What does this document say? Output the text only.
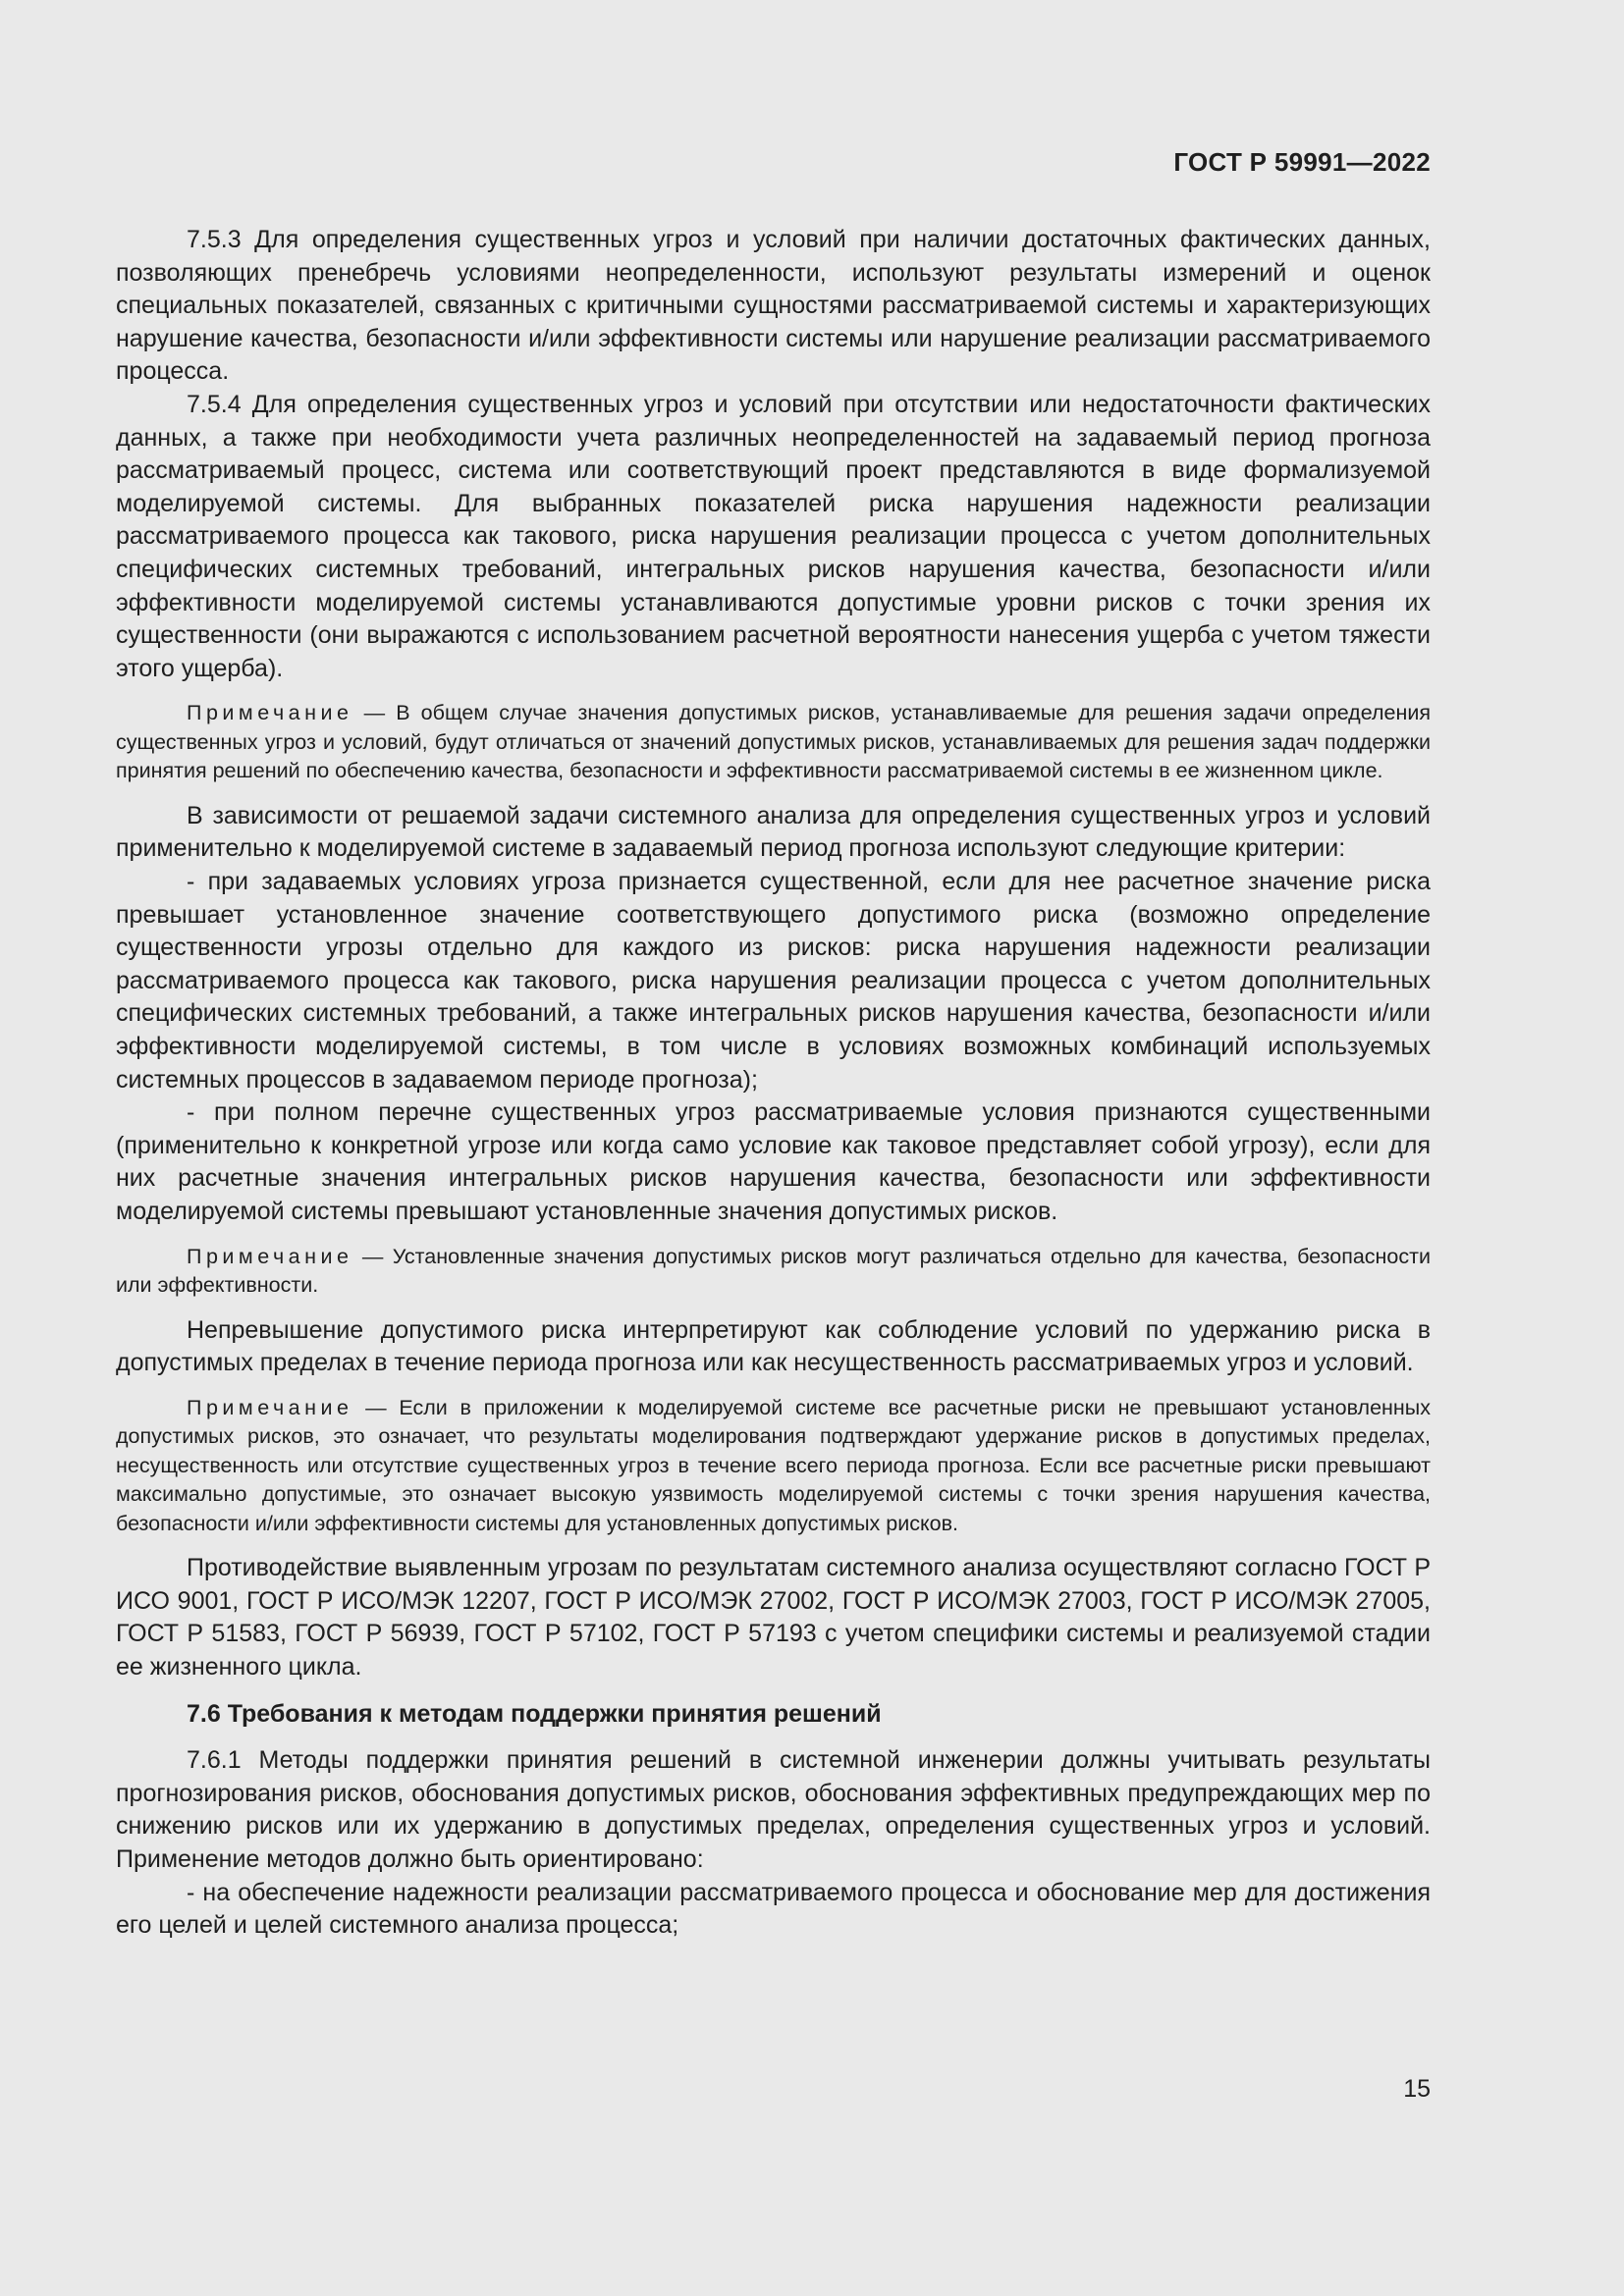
ГОСТ Р 59991—2022

7.5.3 Для определения существенных угроз и условий при наличии достаточных фактических данных, позволяющих пренебречь условиями неопределенности, используют результаты измерений и оценок специальных показателей, связанных с критичными сущностями рассматриваемой системы и характеризующих нарушение качества, безопасности и/или эффективности системы или нарушение реализации рассматриваемого процесса.

7.5.4 Для определения существенных угроз и условий при отсутствии или недостаточности фактических данных, а также при необходимости учета различных неопределенностей на задаваемый период прогноза рассматриваемый процесс, система или соответствующий проект представляются в виде формализуемой моделируемой системы. Для выбранных показателей риска нарушения надежности реализации рассматриваемого процесса как такового, риска нарушения реализации процесса с учетом дополнительных специфических системных требований, интегральных рисков нарушения качества, безопасности и/или эффективности моделируемой системы устанавливаются допустимые уровни рисков с точки зрения их существенности (они выражаются с использованием расчетной вероятности нанесения ущерба с учетом тяжести этого ущерба).

Примечание — В общем случае значения допустимых рисков, устанавливаемые для решения задачи определения существенных угроз и условий, будут отличаться от значений допустимых рисков, устанавливаемых для решения задач поддержки принятия решений по обеспечению качества, безопасности и эффективности рассматриваемой системы в ее жизненном цикле.

В зависимости от решаемой задачи системного анализа для определения существенных угроз и условий применительно к моделируемой системе в задаваемый период прогноза используют следующие критерии:

- при задаваемых условиях угроза признается существенной, если для нее расчетное значение риска превышает установленное значение соответствующего допустимого риска (возможно определение существенности угрозы отдельно для каждого из рисков: риска нарушения надежности реализации рассматриваемого процесса как такового, риска нарушения реализации процесса с учетом дополнительных специфических системных требований, а также интегральных рисков нарушения качества, безопасности и/или эффективности моделируемой системы, в том числе в условиях возможных комбинаций используемых системных процессов в задаваемом периоде прогноза);

- при полном перечне существенных угроз рассматриваемые условия признаются существенными (применительно к конкретной угрозе или когда само условие как таковое представляет собой угрозу), если для них расчетные значения интегральных рисков нарушения качества, безопасности или эффективности моделируемой системы превышают установленные значения допустимых рисков.

Примечание — Установленные значения допустимых рисков могут различаться отдельно для качества, безопасности или эффективности.

Непревышение допустимого риска интерпретируют как соблюдение условий по удержанию риска в допустимых пределах в течение периода прогноза или как несущественность рассматриваемых угроз и условий.

Примечание — Если в приложении к моделируемой системе все расчетные риски не превышают установленных допустимых рисков, это означает, что результаты моделирования подтверждают удержание рисков в допустимых пределах, несущественность или отсутствие существенных угроз в течение всего периода прогноза. Если все расчетные риски превышают максимально допустимые, это означает высокую уязвимость моделируемой системы с точки зрения нарушения качества, безопасности и/или эффективности системы для установленных допустимых рисков.

Противодействие выявленным угрозам по результатам системного анализа осуществляют согласно ГОСТ Р ИСО 9001, ГОСТ Р ИСО/МЭК 12207, ГОСТ Р ИСО/МЭК 27002, ГОСТ Р ИСО/МЭК 27003, ГОСТ Р ИСО/МЭК 27005, ГОСТ Р 51583, ГОСТ Р 56939, ГОСТ Р 57102, ГОСТ Р 57193 с учетом специфики системы и реализуемой стадии ее жизненного цикла.

7.6 Требования к методам поддержки принятия решений

7.6.1 Методы поддержки принятия решений в системной инженерии должны учитывать результаты прогнозирования рисков, обоснования допустимых рисков, обоснования эффективных предупреждающих мер по снижению рисков или их удержанию в допустимых пределах, определения существенных угроз и условий. Применение методов должно быть ориентировано:

- на обеспечение надежности реализации рассматриваемого процесса и обоснование мер для достижения его целей и целей системного анализа процесса;

15
